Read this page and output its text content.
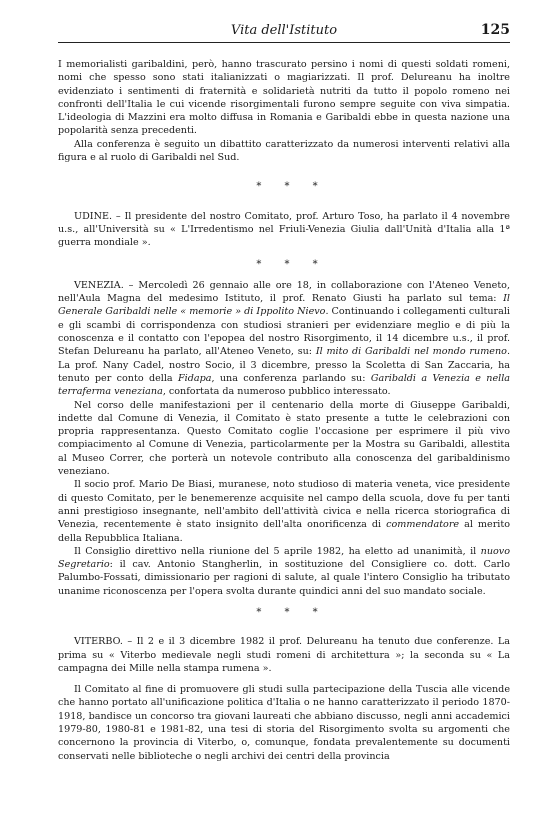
Vita dell'Istituto	125

I memorialisti garibaldini, però, hanno trascurato persino i nomi di questi soldati romeni, nomi che spesso sono stati italianizzati o magiarizzati. Il prof. Delureanu ha inoltre evidenziato i sentimenti di fraternità e solidarietà nutriti da tutto il popolo romeno nei confronti dell'Italia le cui vicende risorgimentali furono sempre seguite con viva simpatia. L'ideologia di Mazzini era molto diffusa in Romania e Garibaldi ebbe in questa nazione una popolarità senza precedenti.

Alla conferenza è seguito un dibattito caratterizzato da numerosi interventi relativi alla figura e al ruolo di Garibaldi nel Sud.

* * *

UDINE. – Il presidente del nostro Comitato, prof. Arturo Toso, ha parlato il 4 novembre u.s., all'Università su « L'Irredentismo nel Friuli-Venezia Giulia dall'Unità d'Italia alla 1ª guerra mondiale ».

* * *

VENEZIA. – Mercoledì 26 gennaio alle ore 18, in collaborazione con l'Ateneo Veneto, nell'Aula Magna del medesimo Istituto, il prof. Renato Giusti ha parlato sul tema: Il Generale Garibaldi nelle « memorie » di Ippolito Nievo. Continuando i collegamenti culturali e gli scambi di corrispondenza con studiosi stranieri per evidenziare meglio e di più la conoscenza e il contatto con l'epopea del nostro Risorgimento, il 14 dicembre u.s., il prof. Stefan Delureanu ha parlato, all'Ateneo Veneto, su: Il mito di Garibaldi nel mondo rumeno. La prof. Nany Cadel, nostro Socio, il 3 dicembre, presso la Scoletta di San Zaccaria, ha tenuto per conto della Fidapa, una conferenza parlando su: Garibaldi a Venezia e nella terraferma veneziana, confortata da numeroso pubblico interessato.

Nel corso delle manifestazioni per il centenario della morte di Giuseppe Garibaldi, indette dal Comune di Venezia, il Comitato è stato presente a tutte le celebrazioni con propria rappresentanza. Questo Comitato coglie l'occasione per esprimere il più vivo compiacimento al Comune di Venezia, particolarmente per la Mostra su Garibaldi, allestita al Museo Correr, che porterà un notevole contributo alla conoscenza del garibaldinismo veneziano.

Il socio prof. Mario De Biasi, muranese, noto studioso di materia veneta, vice presidente di questo Comitato, per le benemerenze acquisite nel campo della scuola, dove fu per tanti anni prestigioso insegnante, nell'ambito dell'attività civica e nella ricerca storiografica di Venezia, recentemente è stato insignito dell'alta onorificenza di commendatore al merito della Repubblica Italiana.

Il Consiglio direttivo nella riunione del 5 aprile 1982, ha eletto ad unanimità, il nuovo Segretario: il cav. Antonio Stangherlin, in sostituzione del Consigliere co. dott. Carlo Palumbo-Fossati, dimissionario per ragioni di salute, al quale l'intero Consiglio ha tributato unanime riconoscenza per l'opera svolta durante quindici anni del suo mandato sociale.

* * *

VITERBO. – Il 2 e il 3 dicembre 1982 il prof. Delureanu ha tenuto due conferenze. La prima su « Viterbo medievale negli studi romeni di architettura »; la seconda su « La campagna dei Mille nella stampa rumena ».

Il Comitato al fine di promuovere gli studi sulla partecipazione della Tuscia alle vicende che hanno portato all'unificazione politica d'Italia o ne hanno caratterizzato il periodo 1870-1918, bandisce un concorso tra giovani laureati che abbiano discusso, negli anni accademici 1979-80, 1980-81 e 1981-82, una tesi di storia del Risorgimento svolta su argomenti che concernono la provincia di Viterbo, o, comunque, fondata prevalentemente su documenti conservati nelle biblioteche o negli archivi dei centri della provincia
